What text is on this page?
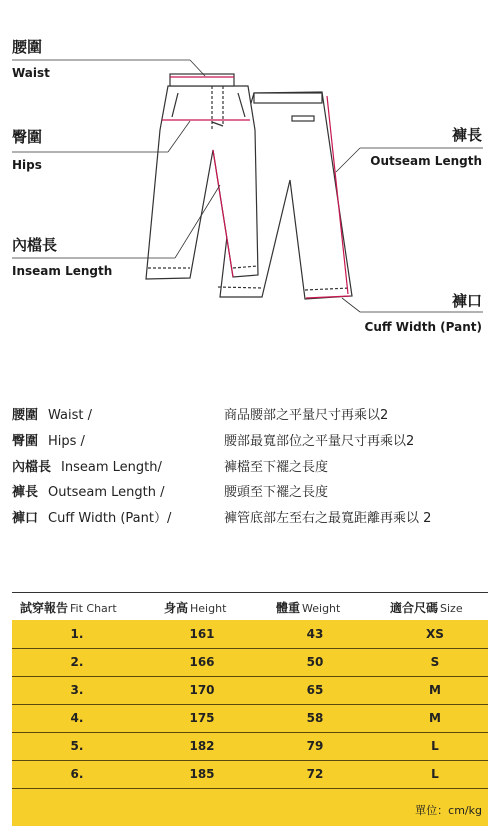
腰圍
Waist
臀圍
Hips
內檔長
Inseam Length
褲長
Outseam Length
褲口
Cuff Width (Pant)
腰圍 Waist /	商品腰部之平量尺寸再乘以2
臀圍 Hips /	腰部最寬部位之平量尺寸再乘以2
內檔長 Inseam Length/	褲檔至下襬之長度
褲長 Outseam Length /	腰頭至下襬之長度
褲口 Cuff Width (Pant）/	褲管底部左至右之最寬距離再乘以 2
試穿報告 Fit Chart	身高 Height	體重 Weight	適合尺碼 Size
1.	161	43	XS
2.	166	50	S
3.	170	65	M
4.	175	58	M
5.	182	79	L
6.	185	72	L
單位：cm/kg
